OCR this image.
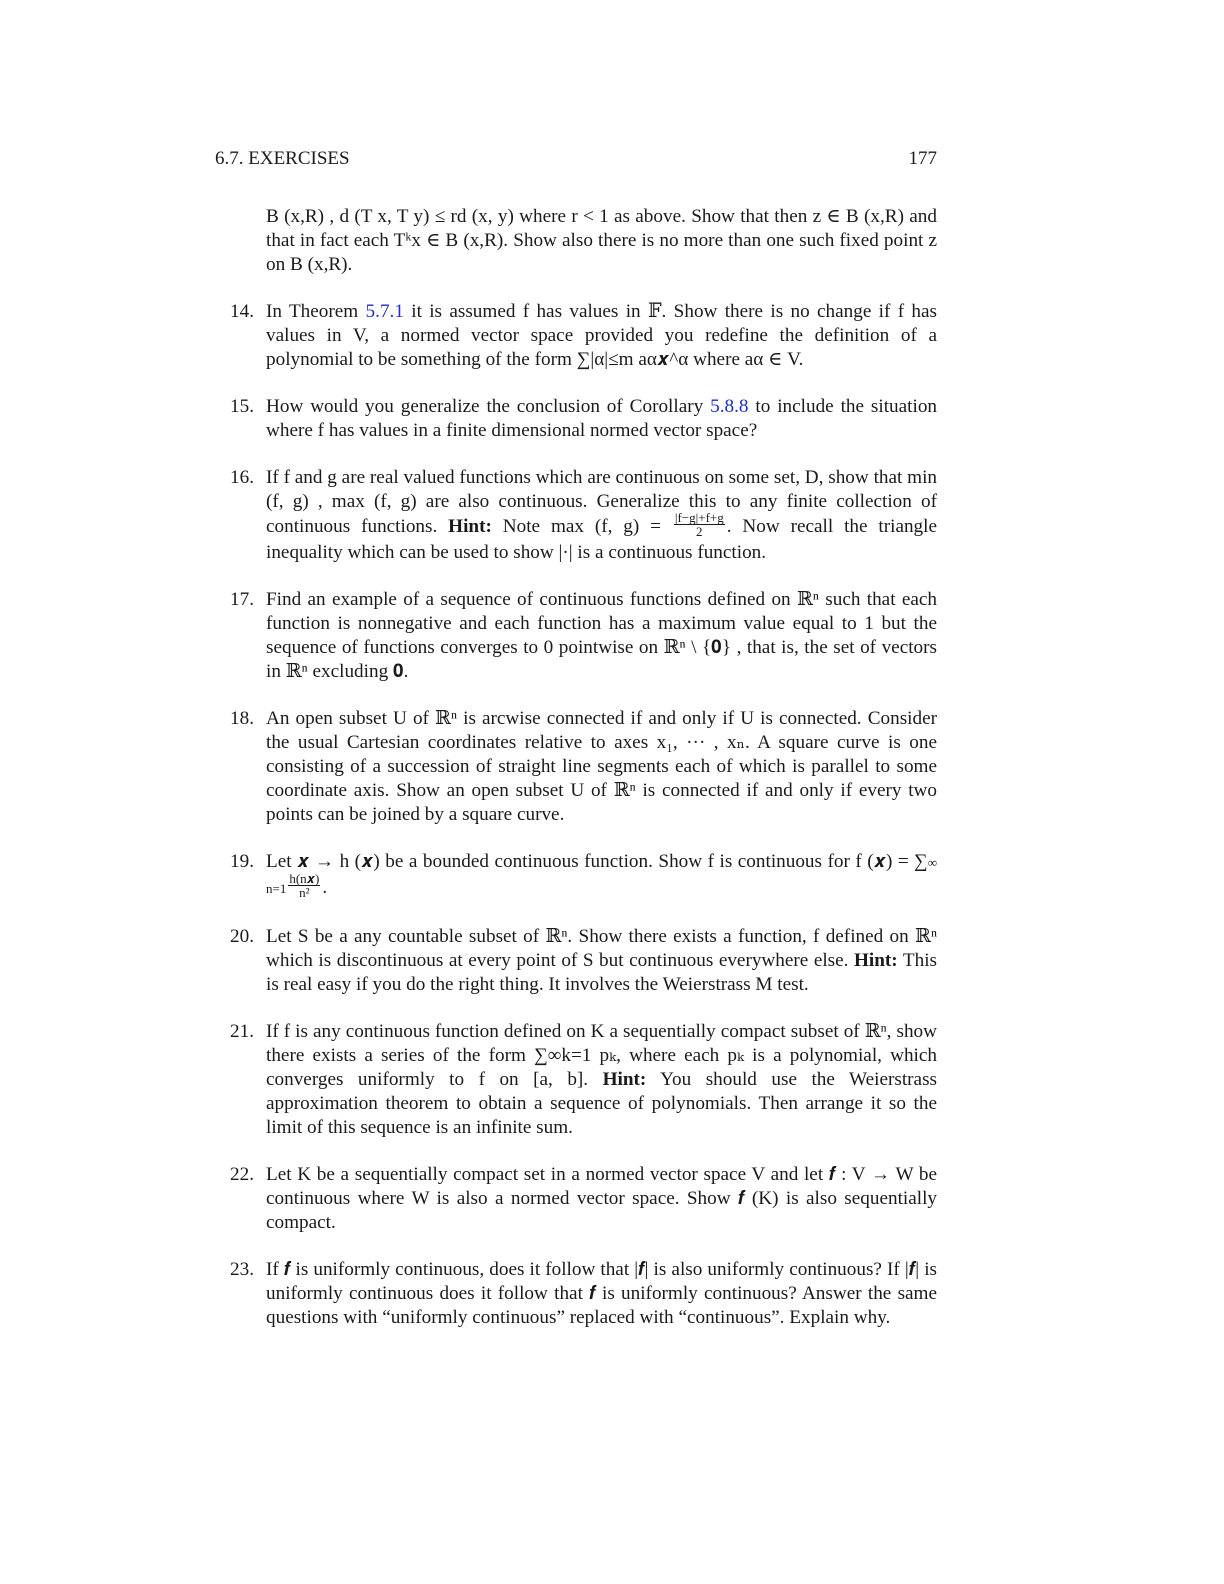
6.7. EXERCISES	177

B (x,R) , d (T x, T y) ≤ rd (x, y) where r < 1 as above. Show that then z ∈ B (x,R) and that in fact each Tᵏx ∈ B (x,R). Show also there is no more than one such fixed point z on B (x,R).

14. In Theorem 5.7.1 it is assumed f has values in 𝔽. Show there is no change if f has values in V, a normed vector space provided you redefine the definition of a polynomial to be something of the form ∑|α|≤m aα𝒙^α where aα ∈ V.

15. How would you generalize the conclusion of Corollary 5.8.8 to include the situation where f has values in a finite dimensional normed vector space?

16. If f and g are real valued functions which are continuous on some set, D, show that min (f, g) , max (f, g) are also continuous. Generalize this to any finite collection of continuous functions. Hint: Note max (f, $g) = \frac{|f-g|+f+g}{2}$ . Now recall the triangle inequality which can be used to show |·| is a continuous function.

17. Find an example of a sequence of continuous functions defined on ℝⁿ such that each function is nonnegative and each function has a maximum value equal to 1 but the sequence of functions converges to 0 pointwise on ℝⁿ \ {𝟎} , that is, the set of vectors in ℝⁿ excluding 𝟎.

18. An open subset U of ℝⁿ is arcwise connected if and only if U is connected. Consider the usual Cartesian coordinates relative to axes x₁, ··· , xₙ. A square curve is one consisting of a succession of straight line segments each of which is parallel to some coordinate axis. Show an open subset U of ℝⁿ is connected if and only if every two points can be joined by a square curve.

19. Let 𝒙 → h (𝒙) be a bounded continuous function. Show f is continuous for f (𝒙) = ∑∞ $n=1 \frac{\text{h(n𝒙)}}{\text{n²}}$ .

20. Let S be a any countable subset of ℝⁿ. Show there exists a function, f defined on ℝⁿ which is discontinuous at every point of S but continuous everywhere else. Hint: This is real easy if you do the right thing. It involves the Weierstrass M test.

21. If f is any continuous function defined on K a sequentially compact subset of ℝⁿ, show there exists a series of the form ∑∞k=1 pₖ, where each pₖ is a polynomial, which converges uniformly to f on [a, b]. Hint: You should use the Weierstrass approximation theorem to obtain a sequence of polynomials. Then arrange it so the limit of this sequence is an infinite sum.

22. Let K be a sequentially compact set in a normed vector space V and let 𝒇 : V → W be continuous where W is also a normed vector space. Show 𝒇 (K) is also sequentially compact.

23. If 𝒇 is uniformly continuous, does it follow that |𝒇| is also uniformly continuous? If |𝒇| is uniformly continuous does it follow that 𝒇 is uniformly continuous? Answer the same questions with “uniformly continuous” replaced with “continuous”. Explain why.
